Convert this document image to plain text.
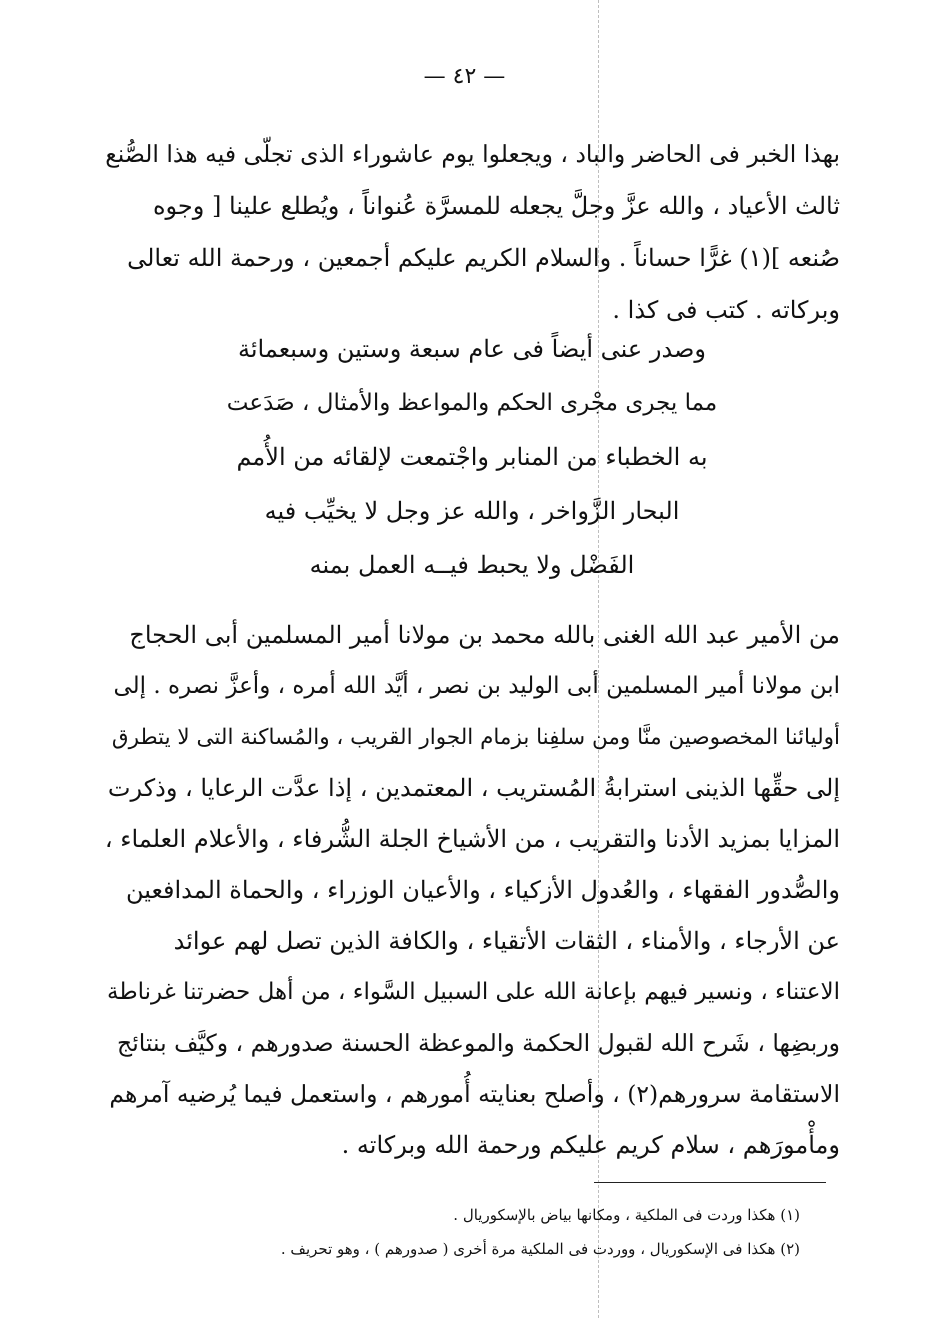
— ٤٢ —
بهذا الخبر فى الحاضر والباد ، ويجعلوا يوم عاشوراء الذى تجلّى فيه هذا الصُّنع
ثالث الأعياد ، والله عزَّ وجلَّ يجعله للمسرَّة عُنواناً ، ويُطلع علينا [ وجوه
صُنعه ](١) غرًّا حساناً . والسلام الكريم عليكم أجمعين ، ورحمة الله تعالى
وبركاته . كتب فى كذا .
وصدر عنى أيضاً فى عام سبعة وستين وسبعمائة
مما يجرى مجْرى الحكم والمواعظ والأمثال ، صَدَعت
به الخطباء من المنابر واجْتمعت لإلقائه من الأُمم
البحار الزَّواخر ، والله عز وجل لا يخيِّب فيه
الفَضْل ولا يحبط فيــه العمل بمنه
من الأمير عبد الله الغنى بالله محمد بن مولانا أمير المسلمين أبى الحجاج
ابن مولانا أمير المسلمين أبى الوليد بن نصر ، أيَّد الله أمره ، وأعزَّ نصره . إلى
أوليائنا المخصوصين منَّا ومن سلفِنا بزمام الجوار القريب ، والمُساكنة التى لا يتطرق
إلى حقِّها الذينى استرابةُ المُستريب ، المعتمدين ، إذا عدَّت الرعايا ، وذكرت
المزايا بمزيد الأدنا والتقريب ، من الأشياخ الجلة الشُّرفاء ، والأعلام العلماء ،
والصُّدور الفقهاء ، والعُدول الأزكياء ، والأعيان الوزراء ، والحماة المدافعين
عن الأرجاء ، والأمناء ، الثقات الأتقياء ، والكافة الذين تصل لهم عوائد
الاعتناء ، ونسير فيهم بإعانة الله على السبيل السَّواء ، من أهل حضرتنا غرناطة
وربضِها ، شَرح الله لقبول الحكمة والموعظة الحسنة صدورهم ، وكيَّف بنتائج
الاستقامة سرورهم(٢) ، وأصلح بعنايته أُمورهم ، واستعمل فيما يُرضيه آمرهم
ومأْمورَهم ، سلام كريم عليكم ورحمة الله وبركاته .
(١) هكذا وردت فى الملكية ، ومكانها بياض بالإسكوريال .
(٢) هكذا فى الإسكوريال ، ووردت فى الملكية مرة أخرى ( صدورهم ) ، وهو تحريف .
